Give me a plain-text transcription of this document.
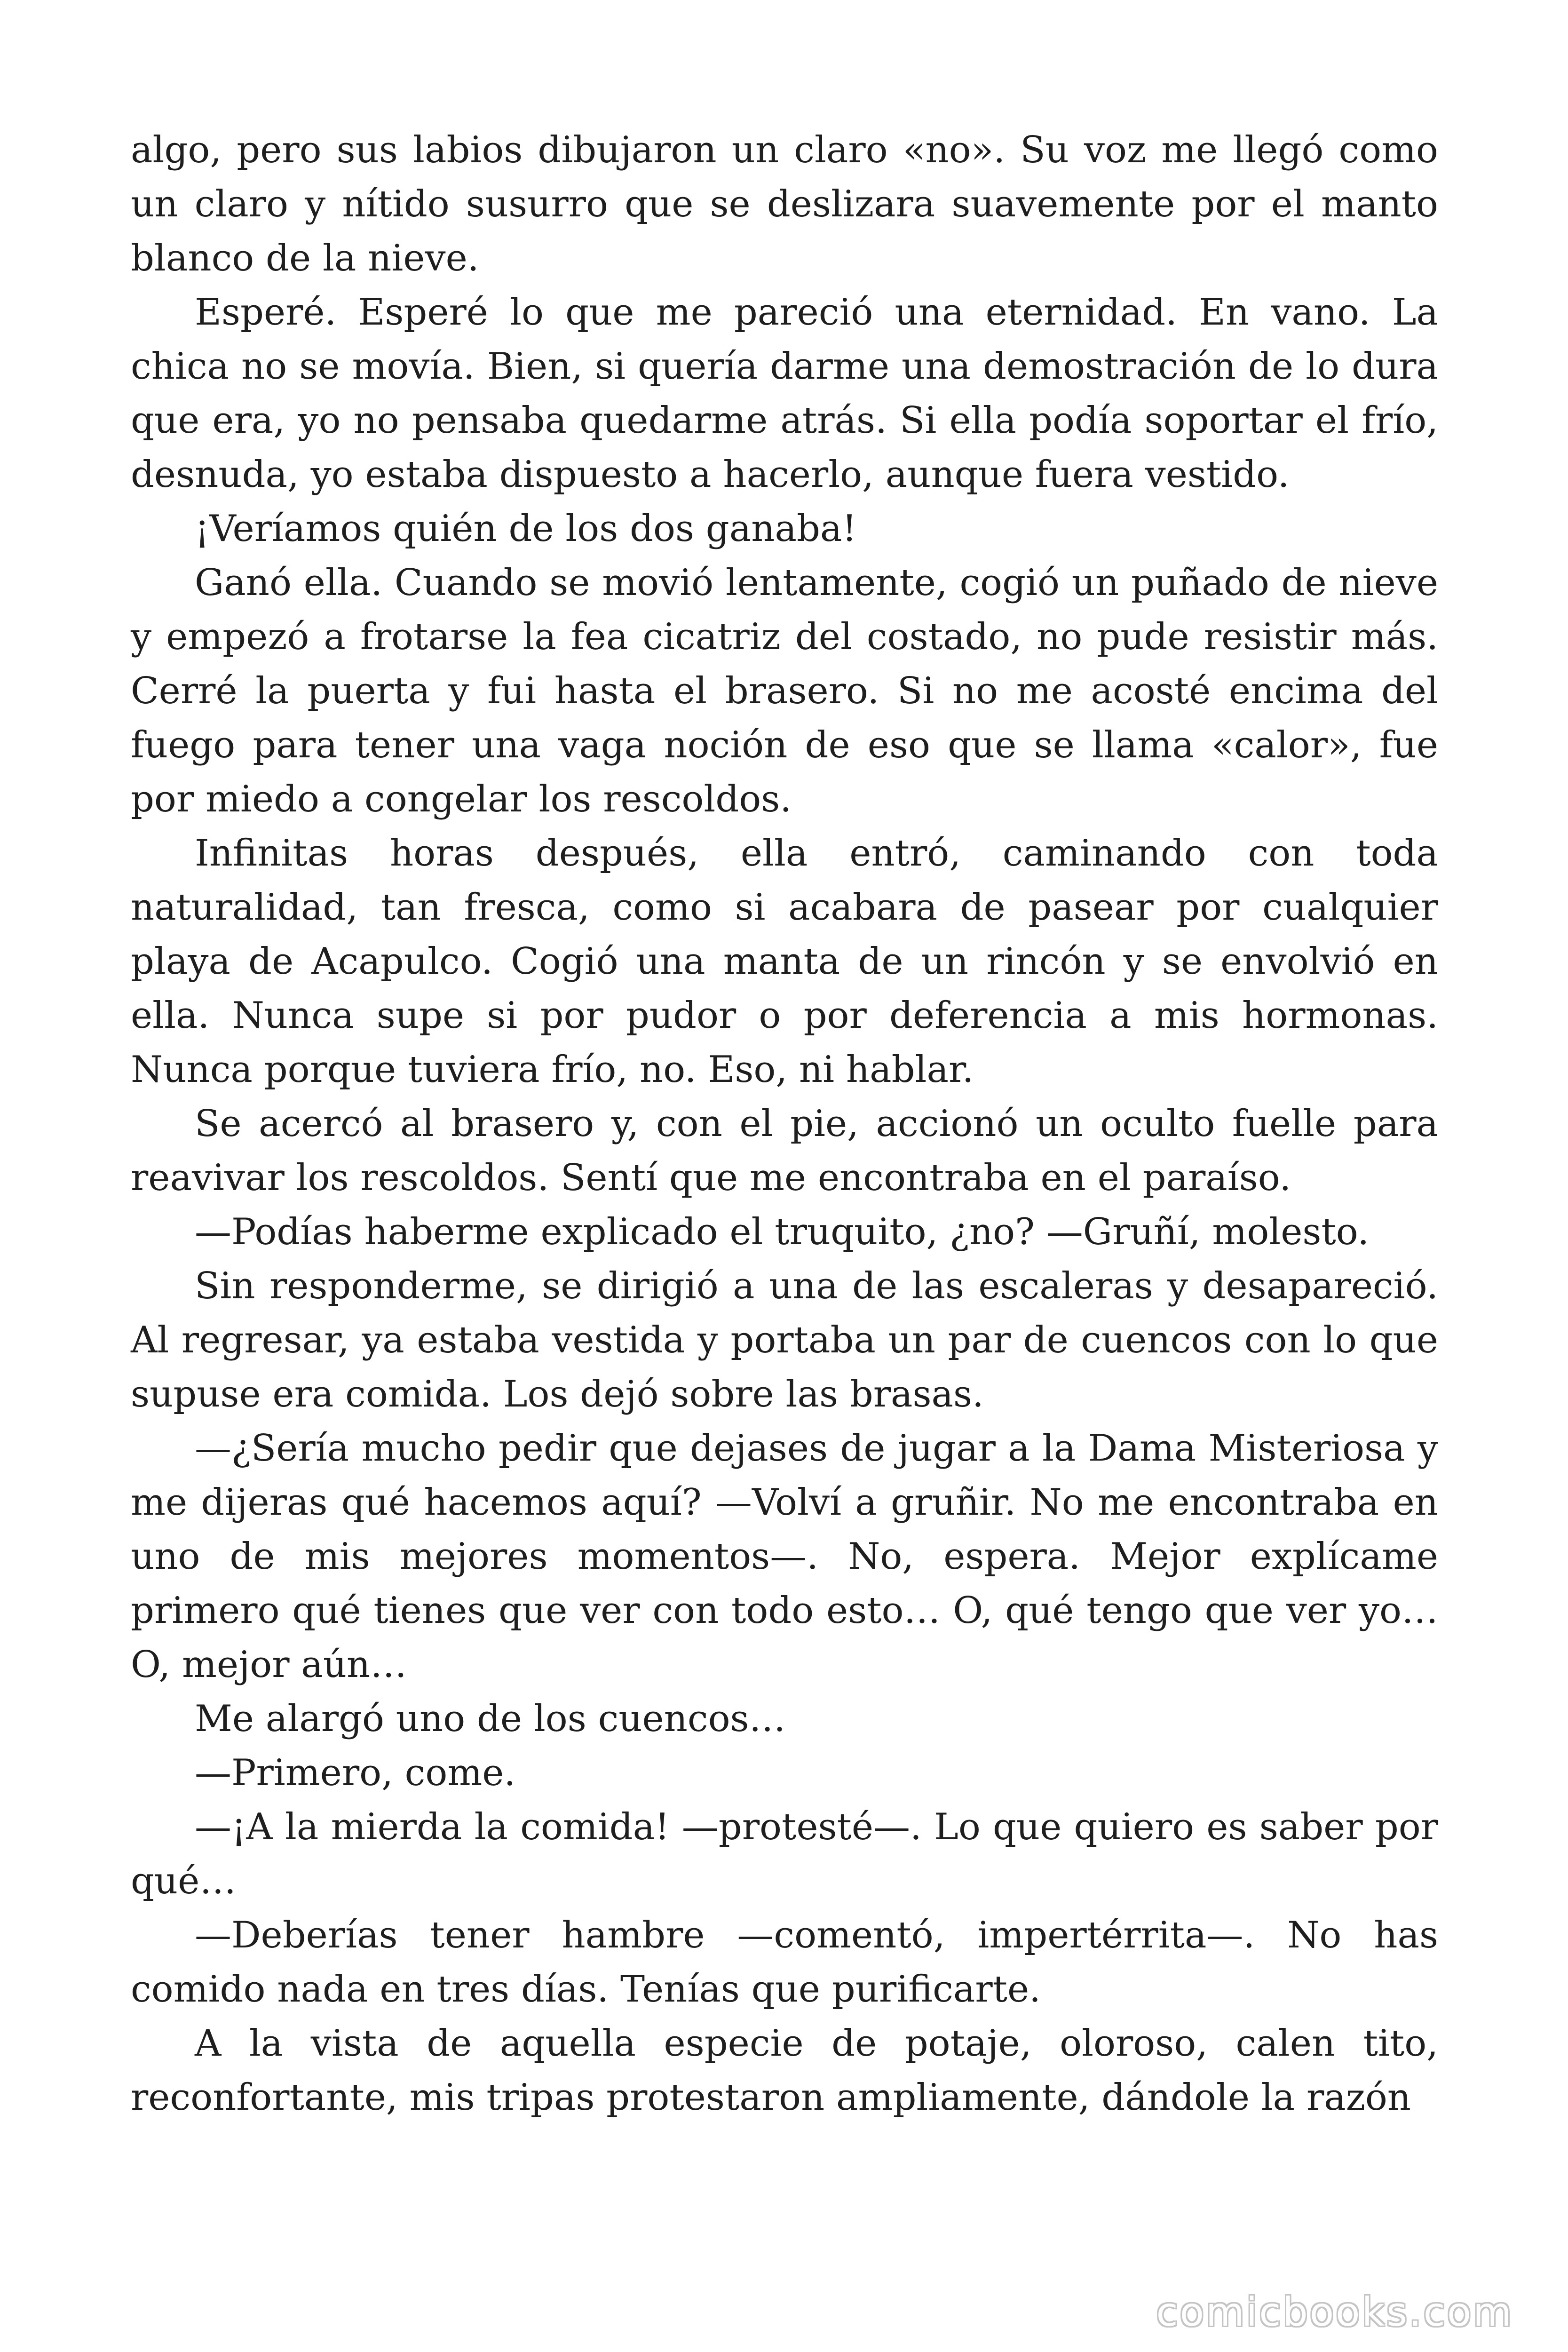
algo, pero sus labios dibujaron un claro «no». Su voz me llegó como un claro y nítido susurro que se deslizara suavemente por el manto blanco de la nieve.

Esperé. Esperé lo que me pareció una eternidad. En vano. La chica no se movía. Bien, si quería darme una demostración de lo dura que era, yo no pensaba quedarme atrás. Si ella podía soportar el frío, desnuda, yo estaba dispuesto a hacerlo, aunque fuera vestido.

¡Veríamos quién de los dos ganaba!

Ganó ella. Cuando se movió lentamente, cogió un puñado de nieve y empezó a frotarse la fea cicatriz del costado, no pude resistir más. Cerré la puerta y fui hasta el brasero. Si no me acosté encima del fuego para tener una vaga noción de eso que se llama «calor», fue por miedo a congelar los rescoldos.

Infinitas horas después, ella entró, caminando con toda naturalidad, tan fresca, como si acabara de pasear por cualquier playa de Acapulco. Cogió una manta de un rincón y se envolvió en ella. Nunca supe si por pudor o por deferencia a mis hormonas. Nunca porque tuviera frío, no. Eso, ni hablar.

Se acercó al brasero y, con el pie, accionó un oculto fuelle para reavivar los rescoldos. Sentí que me encontraba en el paraíso.

—Podías haberme explicado el truquito, ¿no? —Gruñí, molesto.

Sin responderme, se dirigió a una de las escaleras y desapareció. Al regresar, ya estaba vestida y portaba un par de cuencos con lo que supuse era comida. Los dejó sobre las brasas.

—¿Sería mucho pedir que dejases de jugar a la Dama Misteriosa y me dijeras qué hacemos aquí? —Volví a gruñir. No me encontraba en uno de mis mejores momentos—. No, espera. Mejor explícame primero qué tienes que ver con todo esto… O, qué tengo que ver yo… O, mejor aún…

Me alargó uno de los cuencos…

—Primero, come.

—¡A la mierda la comida! —protesté—. Lo que quiero es saber por qué…

—Deberías tener hambre —comentó, impertérrita—. No has comido nada en tres días. Tenías que purificarte.

A la vista de aquella especie de potaje, oloroso, calen tito, reconfortante, mis tripas protestaron ampliamente, dándole la razón

comicbooks.com
